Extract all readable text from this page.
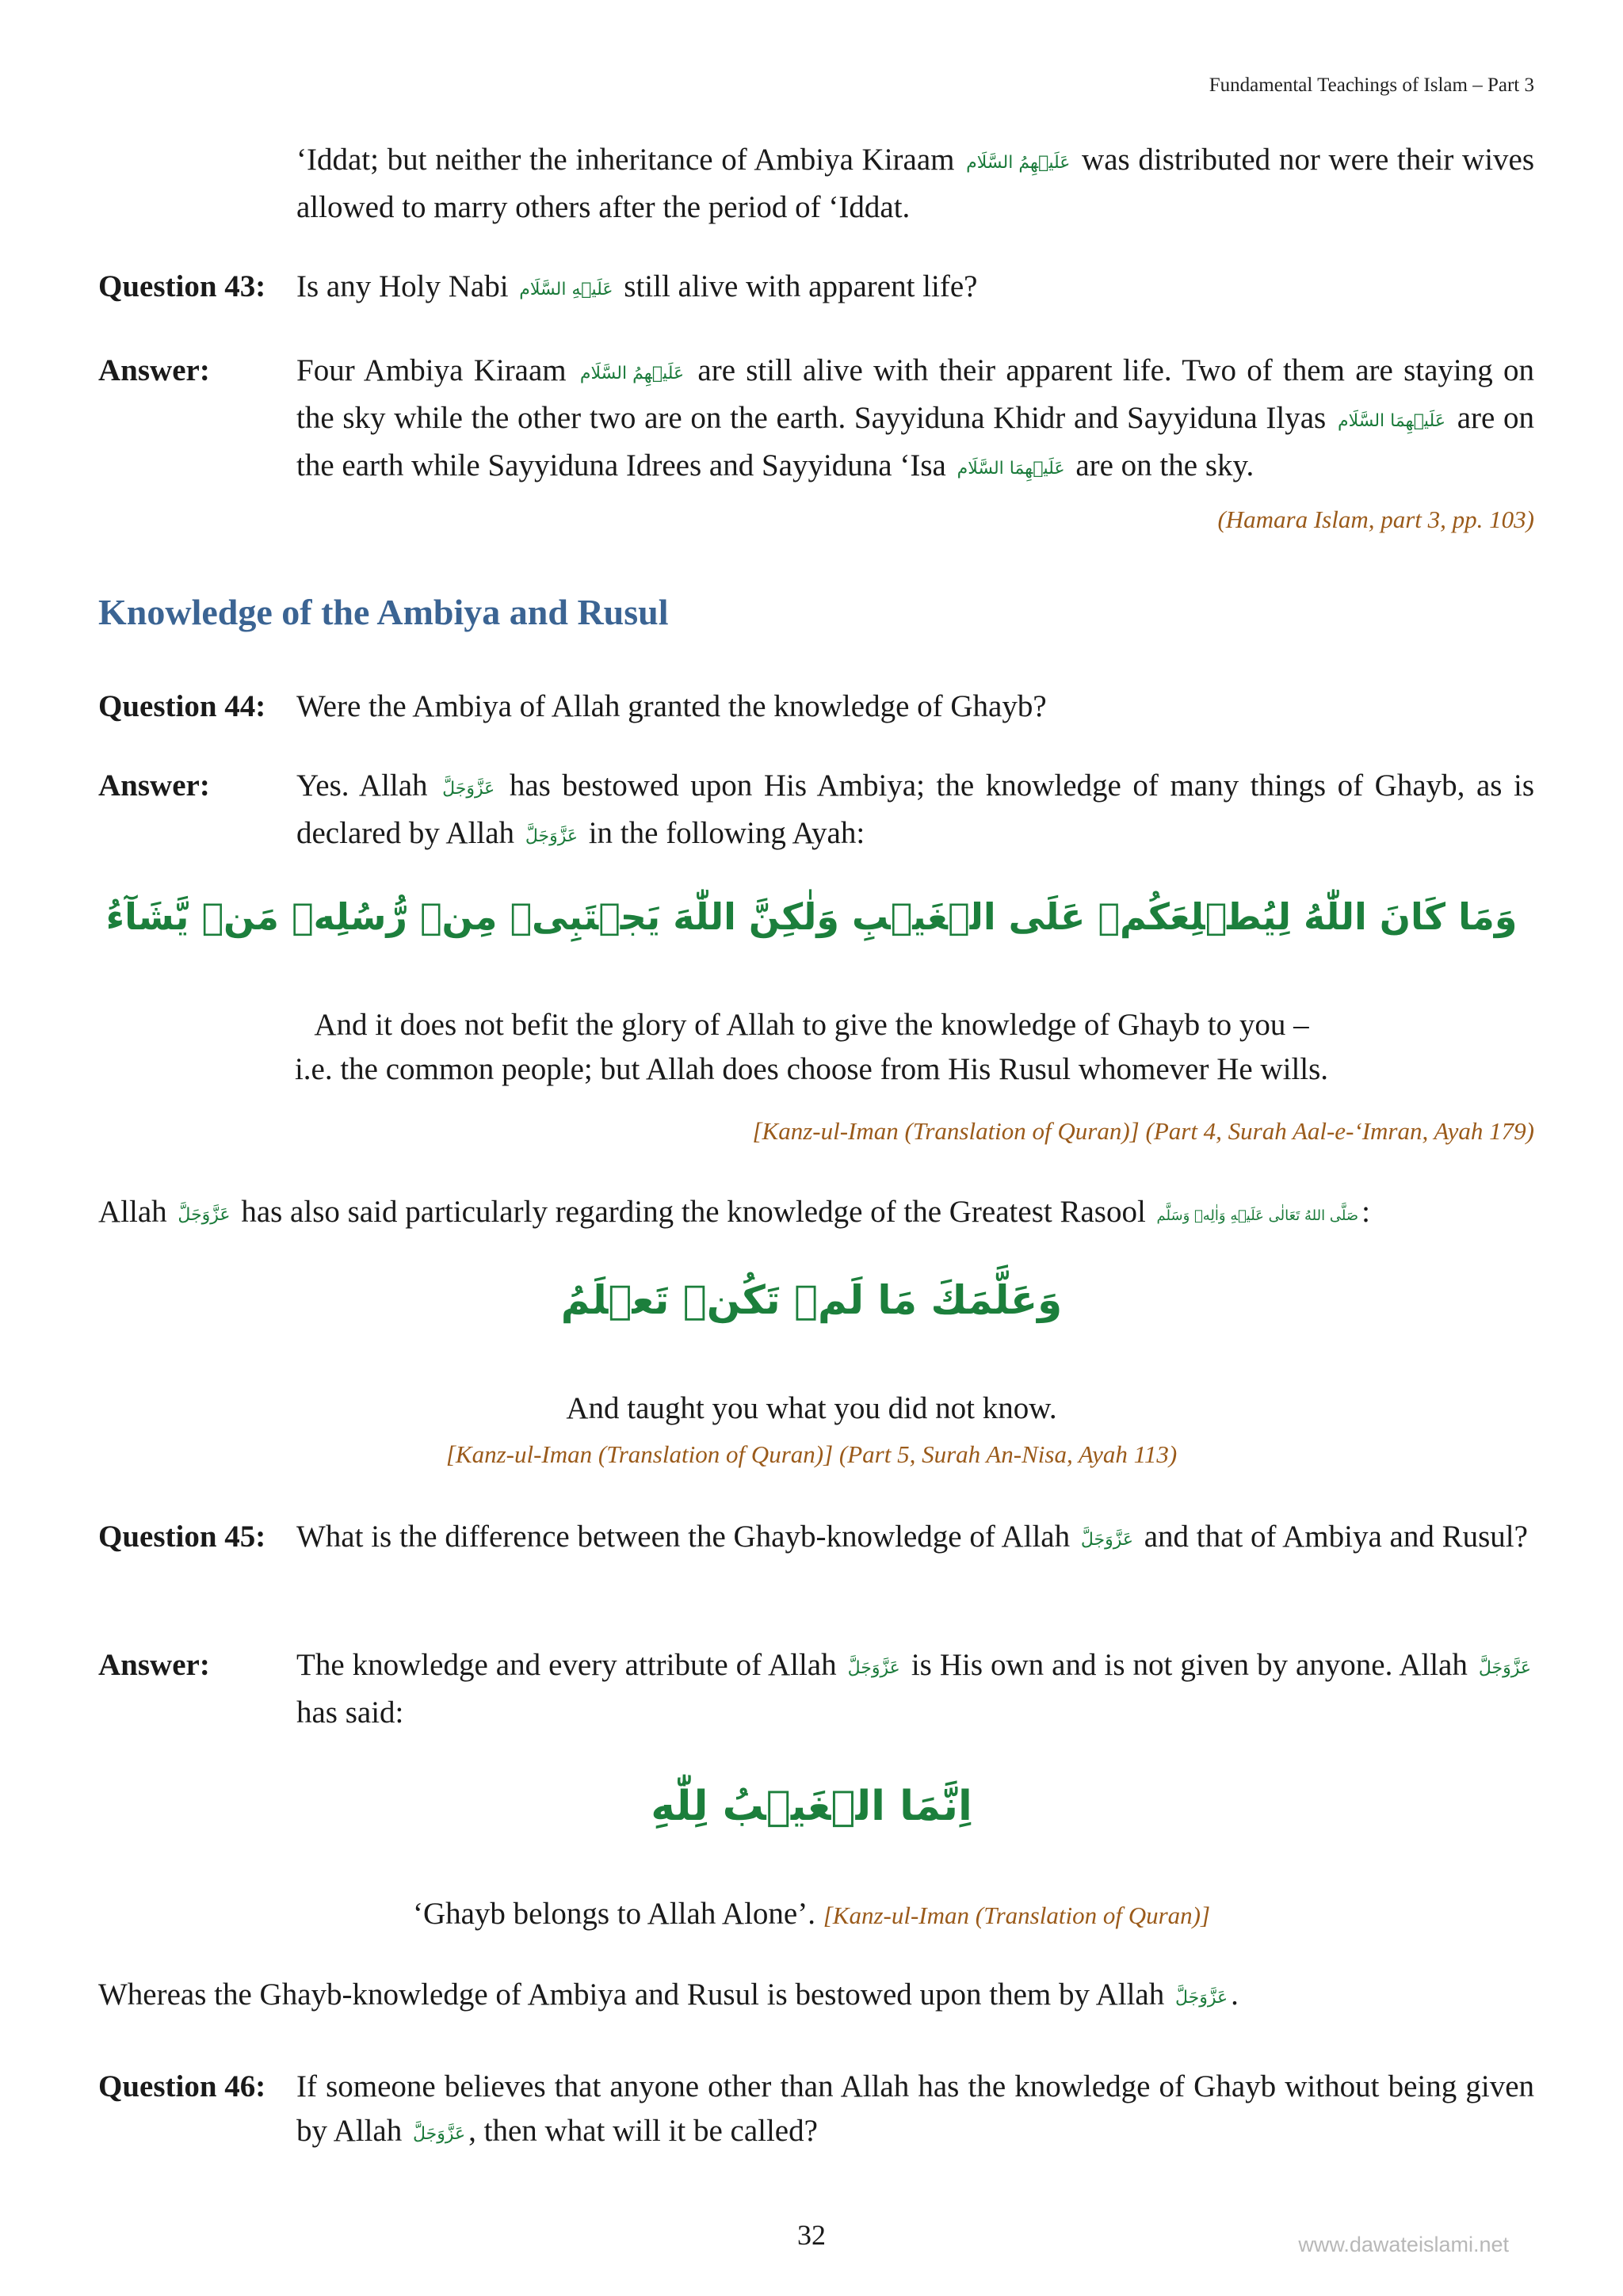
Fundamental Teachings of Islam – Part 3
‘Iddat; but neither the inheritance of Ambiya Kiraam عَلَيۡهِمُ السَّلَام was distributed nor were their wives allowed to marry others after the period of ‘Iddat.
Question 43: Is any Holy Nabi عَلَيۡهِ السَّلَام still alive with apparent life?
Answer:	Four Ambiya Kiraam عَلَيۡهِمُ السَّلَام are still alive with their apparent life. Two of them are staying on the sky while the other two are on the earth. Sayyiduna Khidr and Sayyiduna Ilyas عَلَيۡهِمَا السَّلَام are on the earth while Sayyiduna Idrees and Sayyiduna ‘Isa عَلَيۡهِمَا السَّلَام are on the sky.
(Hamara Islam, part 3, pp. 103)
Knowledge of the Ambiya and Rusul
Question 44: Were the Ambiya of Allah granted the knowledge of Ghayb?
Answer:	Yes. Allah عَزَّوَجَلَّ has bestowed upon His Ambiya; the knowledge of many things of Ghayb, as is declared by Allah عَزَّوَجَلَّ in the following Ayah:
وَمَا كَانَ اللّٰهُ لِيُطۡلِعَكُمۡ عَلَى الۡغَيۡبِ وَلٰكِنَّ اللّٰهَ يَجۡتَبِىۡ مِنۡ رُّسُلِهٖ مَنۡ يَّشَآءُ
And it does not befit the glory of Allah to give the knowledge of Ghayb to you –
i.e. the common people; but Allah does choose from His Rusul whomever He wills.
[Kanz-ul-Iman (Translation of Quran)] (Part 4, Surah Aal-e-‘Imran, Ayah 179)
Allah عَزَّوَجَلَّ has also said particularly regarding the knowledge of the Greatest Rasool صَلَّى اللهُ تَعَالٰى عَلَيۡهِ وَاٰلِهٖ وَسَلَّم :
وَعَلَّمَكَ مَا لَمۡ تَكُنۡ تَعۡلَمُ
And taught you what you did not know.
[Kanz-ul-Iman (Translation of Quran)] (Part 5, Surah An-Nisa, Ayah 113)
Question 45: What is the difference between the Ghayb-knowledge of Allah عَزَّوَجَلَّ and that of Ambiya and Rusul?
Answer:	The knowledge and every attribute of Allah عَزَّوَجَلَّ is His own and is not given by anyone. Allah عَزَّوَجَلَّ has said:
اِنَّمَا الۡغَيۡبُ لِلّٰهِ
‘Ghayb belongs to Allah Alone’. [Kanz-ul-Iman (Translation of Quran)]
Whereas the Ghayb-knowledge of Ambiya and Rusul is bestowed upon them by Allah عَزَّوَجَلَّ .
Question 46: If someone believes that anyone other than Allah has the knowledge of Ghayb without being given by Allah عَزَّوَجَلَّ , then what will it be called?
32	www.dawateislami.net
